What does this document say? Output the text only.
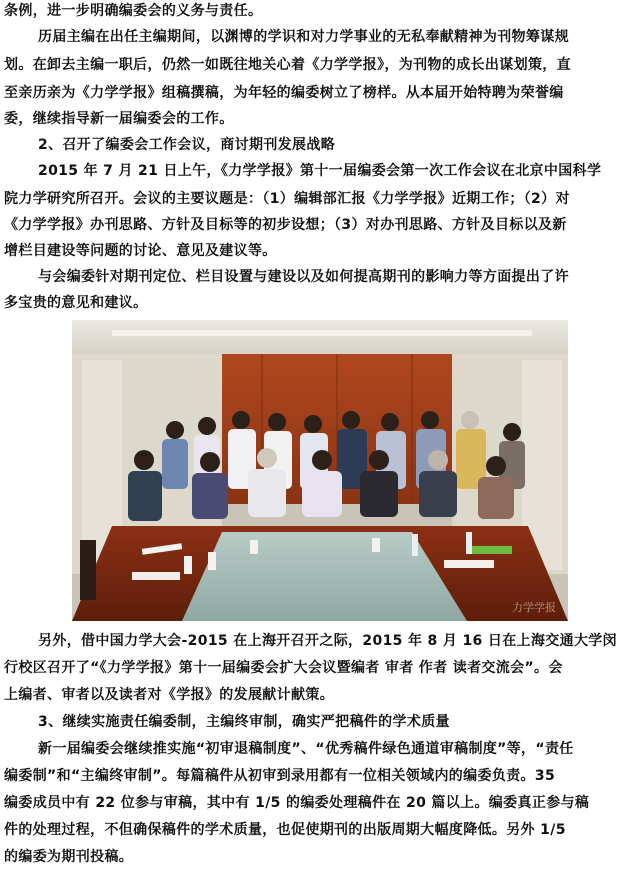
条例，进一步明确编委会的义务与责任。

历届主编在出任主编期间，以渊博的学识和对力学事业的无私奉献精神为刊物筹谋规

划。在卸去主编一职后，仍然一如既往地关心着《力学学报》，为刊物的成长出谋划策，直

至亲历亲为《力学学报》组稿撰稿，为年轻的编委树立了榜样。从本届开始特聘为荣誉编

委，继续指导新一届编委会的工作。

2、召开了编委会工作会议，商讨期刊发展战略

2015 年 7 月 21 日上午，《力学学报》第十一届编委会第一次工作会议在北京中国科学

院力学研究所召开。会议的主要议题是：（1）编辑部汇报《力学学报》近期工作；（2）对

《力学学报》办刊思路、方针及目标等的初步设想；（3）对办刊思路、方针及目标以及新

增栏目建设等问题的讨论、意见及建议等。

与会编委针对期刊定位、栏目设置与建设以及如何提高期刊的影响力等方面提出了许

多宝贵的意见和建议。

力学学报

另外，借中国力学大会-2015 在上海开召开之际，2015 年 8 月 16 日在上海交通大学闵

行校区召开了“《力学学报》第十一届编委会扩大会议暨编者 审者 作者 读者交流会”。会

上编者、审者以及读者对《学报》的发展献计献策。

3、继续实施责任编委制，主编终审制，确实严把稿件的学术质量

新一届编委会继续推实施“初审退稿制度”、“优秀稿件绿色通道审稿制度”等，“责任

编委制”和“主编终审制”。每篇稿件从初审到录用都有一位相关领域内的编委负责。35

编委成员中有 22 位参与审稿，其中有 1/5 的编委处理稿件在 20 篇以上。编委真正参与稿

件的处理过程，不但确保稿件的学术质量，也促使期刊的出版周期大幅度降低。另外 1/5

的编委为期刊投稿。
